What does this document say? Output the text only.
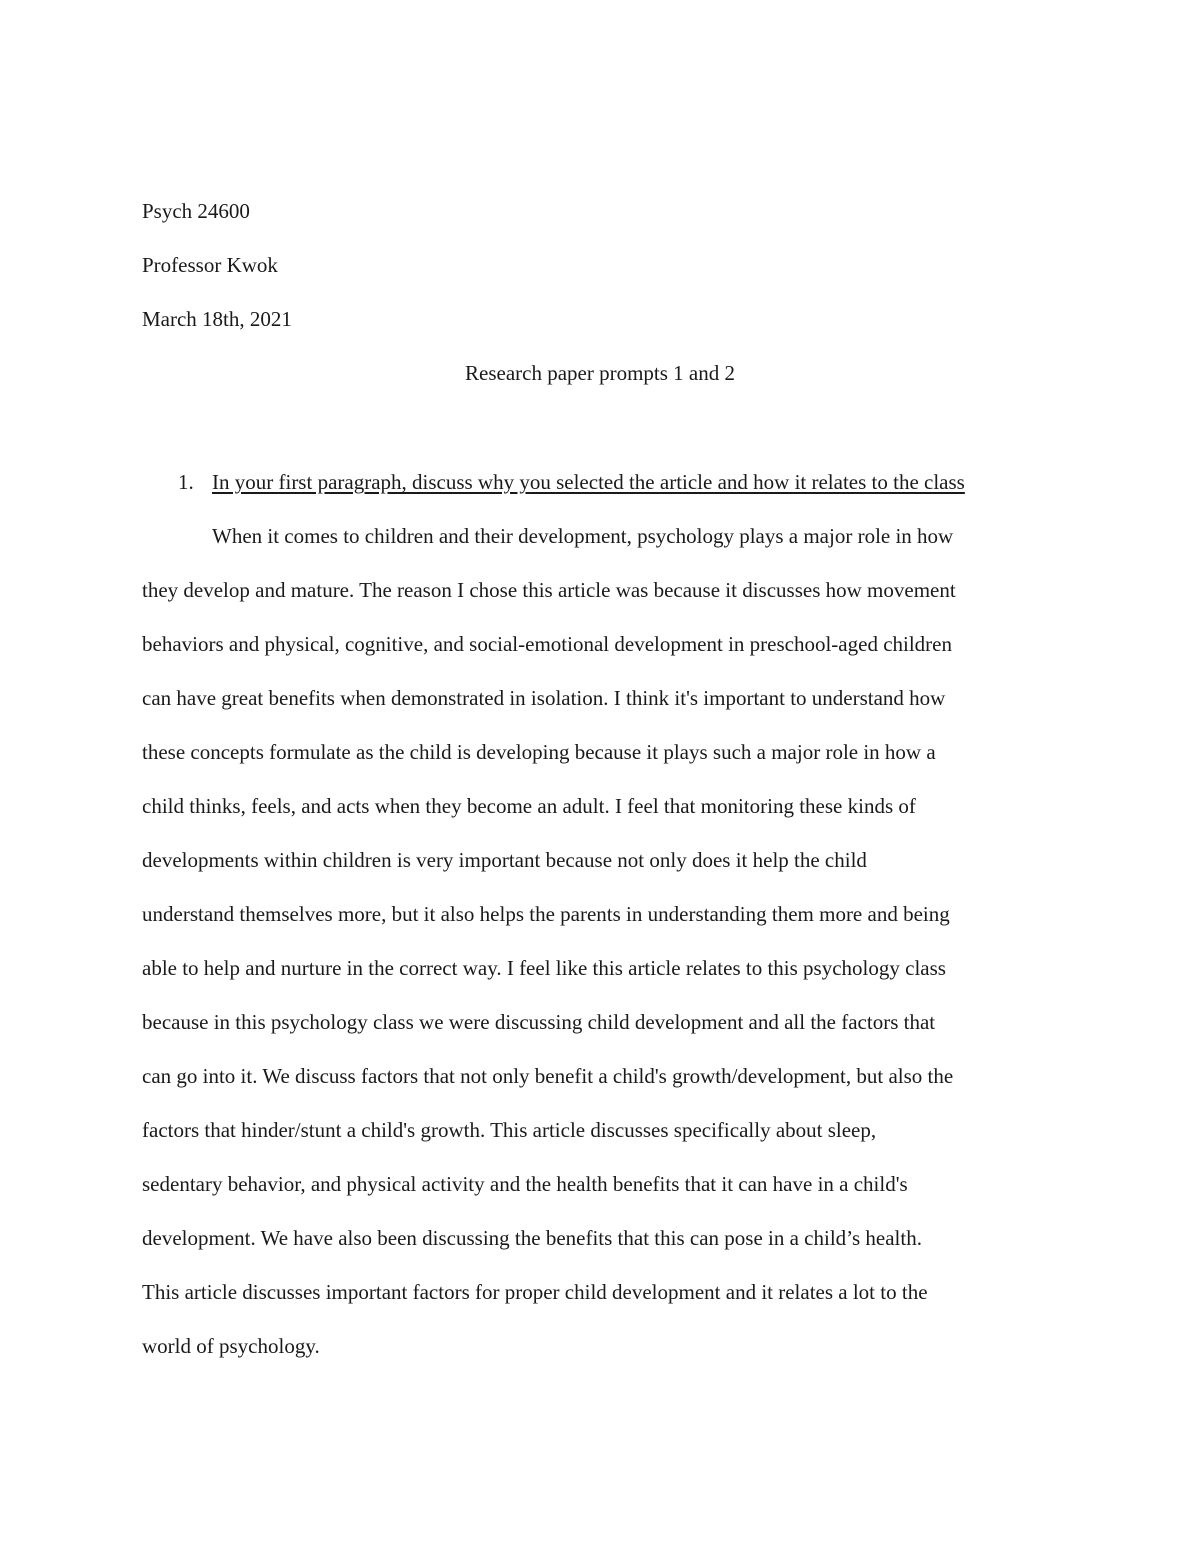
Psych 24600
Professor Kwok
March 18th, 2021
Research paper prompts 1 and 2
1. In your first paragraph, discuss why you selected the article and how it relates to the class
When it comes to children and their development, psychology plays a major role in how
they develop and mature. The reason I chose this article was because it discusses how movement
behaviors and physical, cognitive, and social-emotional development in preschool-aged children
can have great benefits when demonstrated in isolation. I think it's important to understand how
these concepts formulate as the child is developing because it plays such a major role in how a
child thinks, feels, and acts when they become an adult. I feel that monitoring these kinds of
developments within children is very important because not only does it help the child
understand themselves more, but it also helps the parents in understanding them more and being
able to help and nurture in the correct way. I feel like this article relates to this psychology class
because in this psychology class we were discussing child development and all the factors that
can go into it. We discuss factors that not only benefit a child's growth/development, but also the
factors that hinder/stunt a child's growth. This article discusses specifically about sleep,
sedentary behavior, and physical activity and the health benefits that it can have in a child's
development. We have also been discussing the benefits that this can pose in a child’s health.
This article discusses important factors for proper child development and it relates a lot to the
world of psychology.
